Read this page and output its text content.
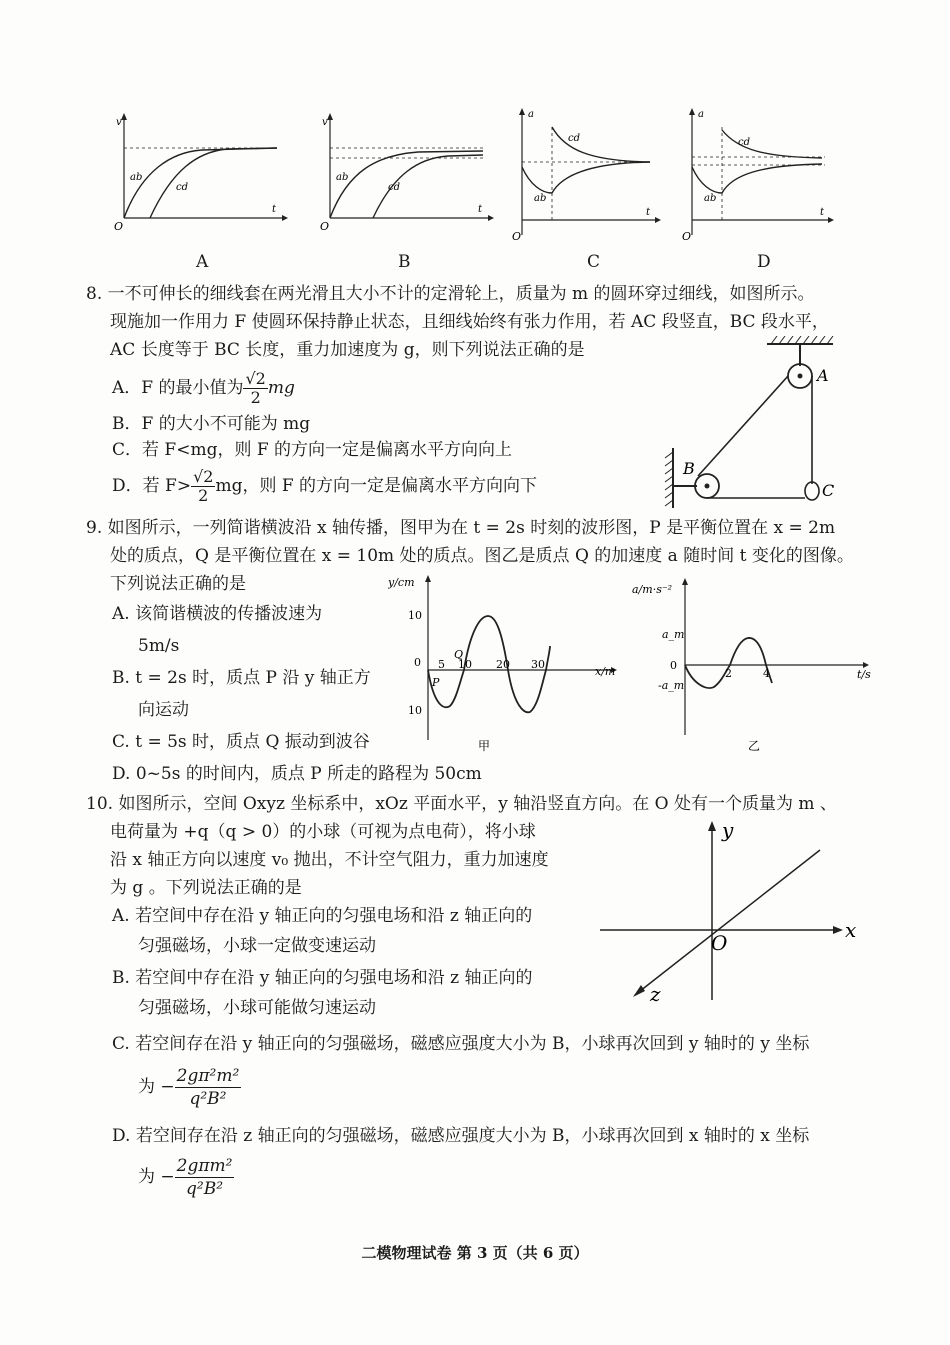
v
t
O
ab
cd
v
t
O
ab
cd
a
t
O
ab
cd
a
t
O
ab
cd
A	B	C	D
8. 一不可伸长的细线套在两光滑且大小不计的定滑轮上，质量为 m 的圆环穿过细线，如图所示。
现施加一作用力 F 使圆环保持静止状态，且细线始终有张力作用，若 AC 段竖直，BC 段水平，
AC 长度等于 BC 长度，重力加速度为 g，则下列说法正确的是
A．F 的最小值为 $\frac{√2}{2}$ mg
B．F 的大小不可能为 mg
C．若 F<mg，则 F 的方向一定是偏离水平方向向上
D．若 $F> \frac{√2}{2}$ mg，则 F 的方向一定是偏离水平方向向下
A
B
C
9. 如图所示，一列简谐横波沿 x 轴传播，图甲为在 t = 2s 时刻的波形图，P 是平衡位置在 x = 2m
处的质点，Q 是平衡位置在 x = 10m 处的质点。图乙是质点 Q 的加速度 a 随时间 t 变化的图像。
下列说法正确的是
A. 该简谐横波的传播波速为
5m/s
B. t = 2s 时，质点 P 沿 y 轴正方
向运动
C. t = 5s 时，质点 Q 振动到波谷
D. 0~5s 的时间内，质点 P 所走的路程为 50cm
y/cm
10
0
10
x/m
5 10 20 30
P
Q
甲
a/m·s⁻²
a_m
-a_m
0
2	4	t/s
乙
10. 如图所示，空间 Oxyz 坐标系中，xOz 平面水平，y 轴沿竖直方向。在 O 处有一个质量为 m 、
电荷量为 +q（q > 0）的小球（可视为点电荷），将小球
沿 x 轴正方向以速度 v₀ 抛出，不计空气阻力，重力加速度
为 g 。下列说法正确的是
A. 若空间中存在沿 y 轴正向的匀强电场和沿 z 轴正向的
匀强磁场，小球一定做变速运动
B. 若空间中存在沿 y 轴正向的匀强电场和沿 z 轴正向的
匀强磁场，小球可能做匀速运动
C. 若空间存在沿 y 轴正向的匀强磁场，磁感应强度大小为 B，小球再次回到 y 轴时的 y 坐标
为 − $\frac{\text{2gπ²m²}}{\text{q²B²}}$
D. 若空间存在沿 z 轴正向的匀强磁场，磁感应强度大小为 B，小球再次回到 x 轴时的 x 坐标
为 − $\frac{\text{2gπm²}}{\text{q²B²}}$
y
x
z
O
二模物理试卷 第 3 页（共 6 页）
